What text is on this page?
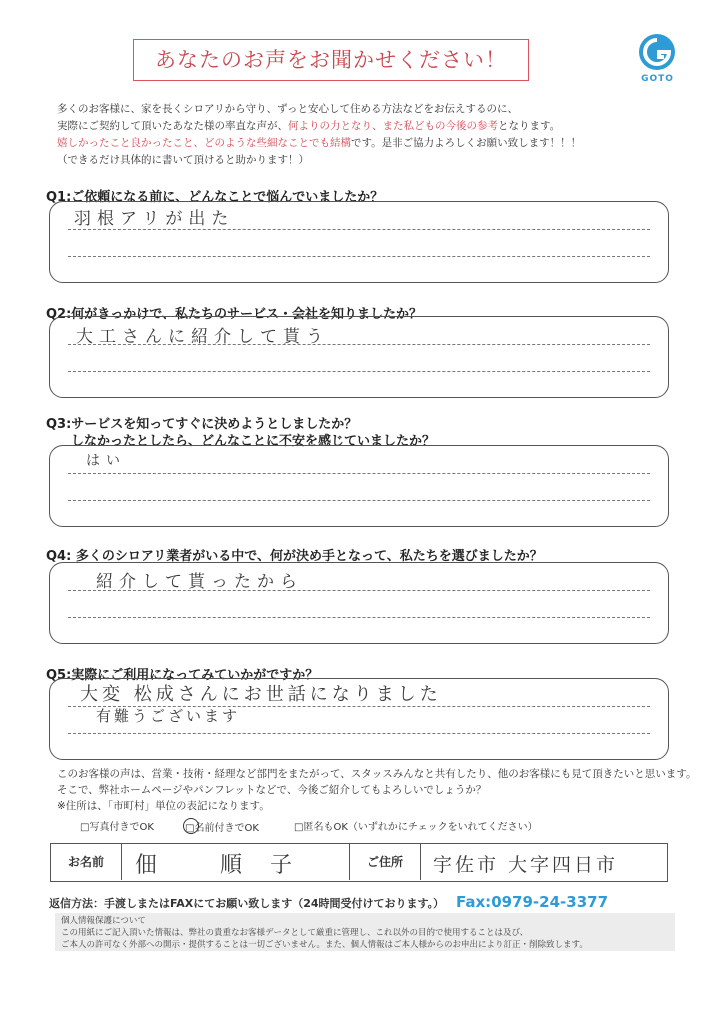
あなたのお声をお聞かせください！
GOTO
多くのお客様に、家を長くシロアリから守り、ずっと安心して住める方法などをお伝えするのに、
実際にご契約して頂いたあなた様の率直な声が、何よりの力となり、また私どもの今後の参考となります。
嬉しかったこと良かったこと、どのような些細なことでも結構です。是非ご協力よろしくお願い致します！！！
（できるだけ具体的に書いて頂けると助かります！）
Q1:ご依頼になる前に、どんなことで悩んでいましたか？
羽根アリが出た
Q2:何がきっかけで、私たちのサービス・会社を知りましたか？
大工さんに紹介して貰う
Q3:サービスを知ってすぐに決めようとしましたか？
しなかったとしたら、どんなことに不安を感じていましたか？
はい
Q4: 多くのシロアリ業者がいる中で、何が決め手となって、私たちを選びましたか？
紹介して貰ったから
Q5:実際にご利用になってみていかがですか？
大変 松成さんにお世話になりました
有難うございます
このお客様の声は、営業・技術・経理など部門をまたがって、スタッスみんなと共有したり、他のお客様にも見て頂きたいと思います。
そこで、弊社ホームページやパンフレットなどで、今後ご紹介してもよろしいでしょうか？
※住所は、「市町村」単位の表記になります。
□写真付きでOK	□名前付きでOK	□匿名もOK（いずれかにチェックをいれてください）
お名前	佃 順子	ご住所	宇佐市 大字四日市
返信方法：手渡しまたはFAXにてお願い致します（24時間受付けております。） Fax:0979-24-3377
個人情報保護について
この用紙にご記入頂いた情報は、弊社の貴重なお客様データとして厳重に管理し、これ以外の目的で使用することは及び、
ご本人の許可なく外部への開示・提供することは一切ございません。また、個人情報はご本人様からのお申出により訂正・削除致します。
